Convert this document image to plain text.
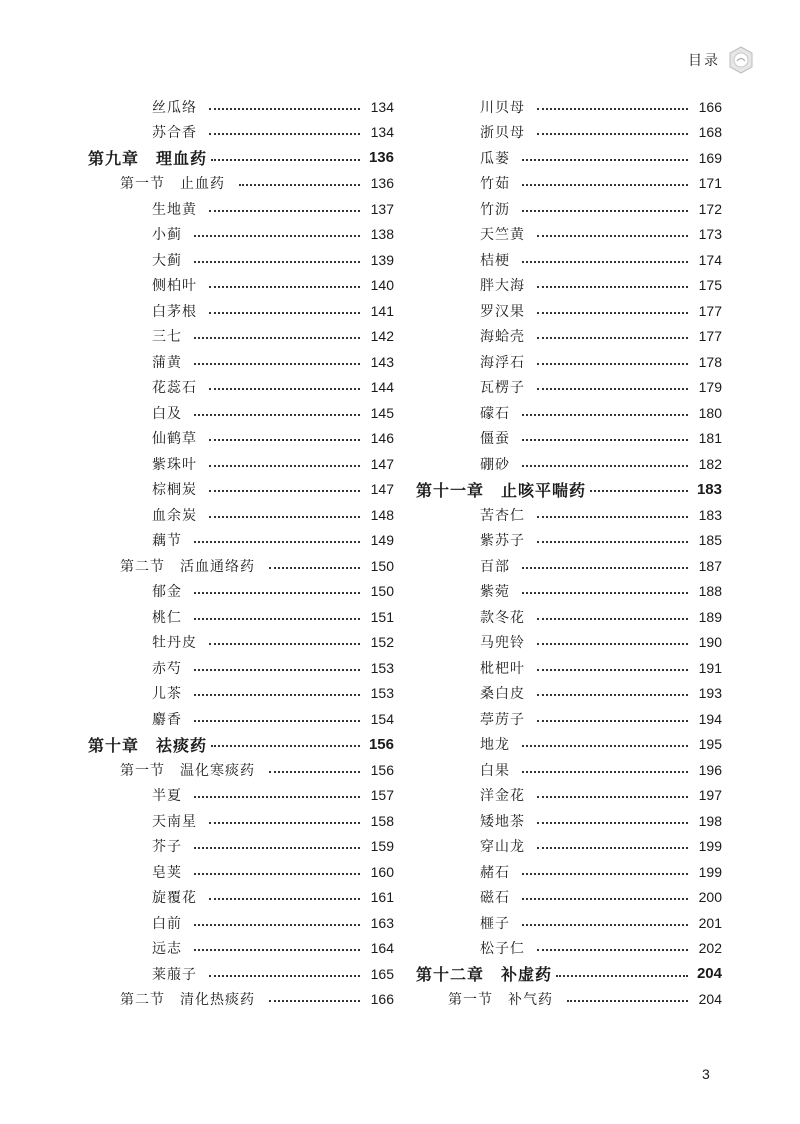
目录
丝瓜络	134
苏合香	134
第九章　理血药	136
第一节　止血药	136
生地黄	137
小蓟	138
大蓟	139
侧柏叶	140
白茅根	141
三七	142
蒲黄	143
花蕊石	144
白及	145
仙鹤草	146
紫珠叶	147
棕榈炭	147
血余炭	148
藕节	149
第二节　活血通络药	150
郁金	150
桃仁	151
牡丹皮	152
赤芍	153
儿茶	153
麝香	154
第十章　祛痰药	156
第一节　温化寒痰药	156
半夏	157
天南星	158
芥子	159
皂荚	160
旋覆花	161
白前	163
远志	164
莱菔子	165
第二节　清化热痰药	166
川贝母	166
浙贝母	168
瓜蒌	169
竹茹	171
竹沥	172
天竺黄	173
桔梗	174
胖大海	175
罗汉果	177
海蛤壳	177
海浮石	178
瓦楞子	179
礞石	180
僵蚕	181
硼砂	182
第十一章　止咳平喘药	183
苦杏仁	183
紫苏子	185
百部	187
紫菀	188
款冬花	189
马兜铃	190
枇杷叶	191
桑白皮	193
葶苈子	194
地龙	195
白果	196
洋金花	197
矮地茶	198
穿山龙	199
赭石	199
磁石	200
榧子	201
松子仁	202
第十二章　补虚药	204
第一节　补气药	204
3
